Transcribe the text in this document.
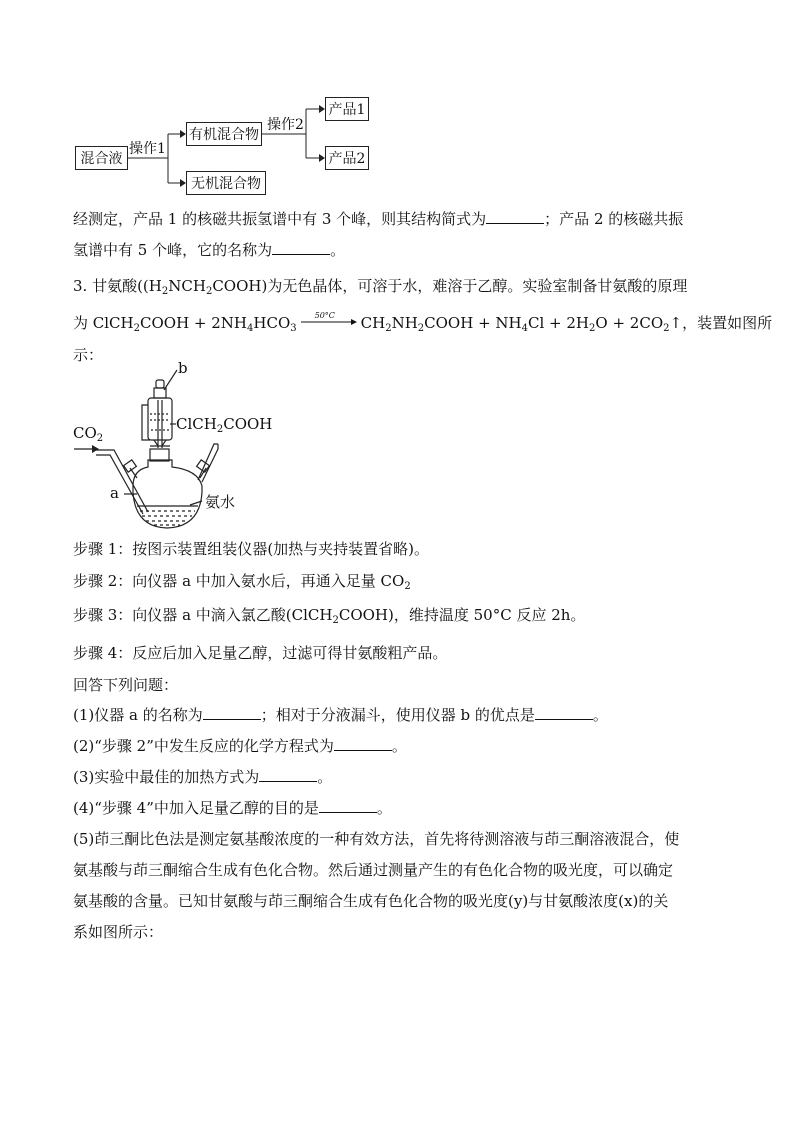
混合液
操作1
有机混合物
无机混合物
操作2
产品1
产品2
经测定，产品 1 的核磁共振氢谱中有 3 个峰，则其结构简式为	；产品 2 的核磁共振
氢谱中有 5 个峰，它的名称为	。
3. 甘氨酸($(H_2NCH_2COOH)$为无色晶体，可溶于水，难溶于乙醇。实验室制备甘氨酸的原理
为 ClCH$_2$COOH + $2NH_4HCO_3$
50°C $CH_2NH_2COOH + NH_4Cl + 2H_2O$ + $2CO_2↑$，装置如图所
示：
$CO_2$
b
ClCH$_2$COOH
a	氨水
步骤 1：按图示装置组装仪器(加热与夹持装置省略)。
步骤 2：向仪器 a 中加入氨水后，再通入足量 $CO_2$
步骤 3：向仪器 a 中滴入氯乙酸(ClCH$_2$COOH)，维持温度 50°C 反应 2h。
步骤 4：反应后加入足量乙醇，过滤可得甘氨酸粗产品。
回答下列问题：
(1)仪器 a 的名称为	；相对于分液漏斗，使用仪器 b 的优点是	。
(2)“步骤 2”中发生反应的化学方程式为	。
(3)实验中最佳的加热方式为	。
(4)“步骤 4”中加入足量乙醇的目的是	。
(5)茚三酮比色法是测定氨基酸浓度的一种有效方法，首先将待测溶液与茚三酮溶液混合，使
氨基酸与茚三酮缩合生成有色化合物。然后通过测量产生的有色化合物的吸光度，可以确定
氨基酸的含量。已知甘氨酸与茚三酮缩合生成有色化合物的吸光度(y)与甘氨酸浓度(x)的关
系如图所示：
